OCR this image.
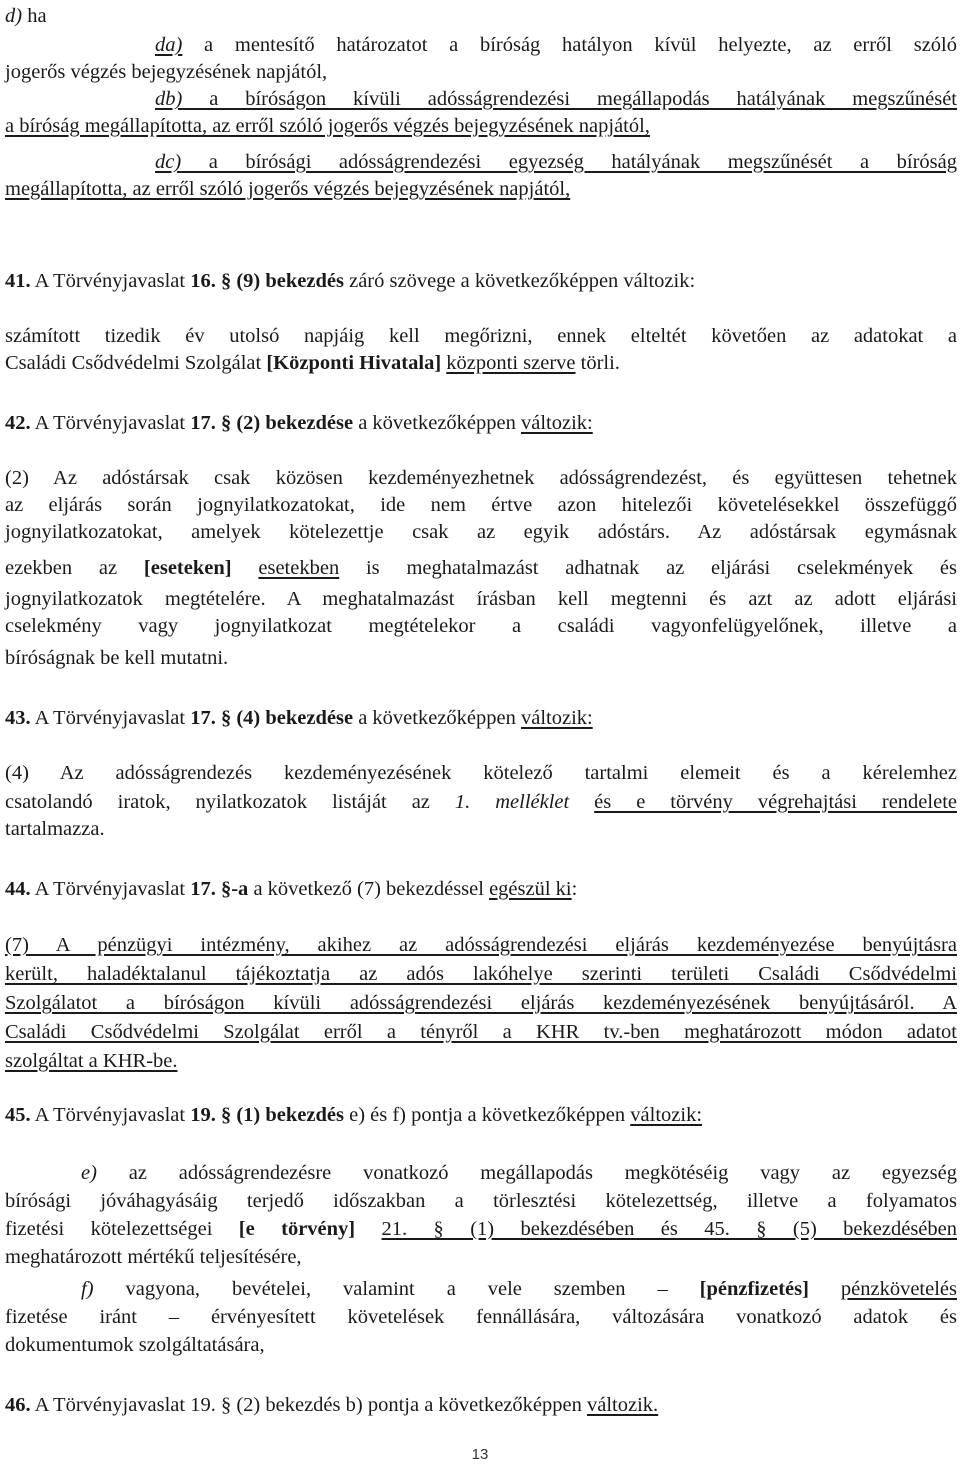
d) ha
da) a mentesítő határozatot a bíróság hatályon kívül helyezte, az erről szóló
jogerős végzés bejegyzésének napjától,
db) a bíróságon kívüli adósságrendezési megállapodás hatályának megszűnését
a bíróság megállapította, az erről szóló jogerős végzés bejegyzésének napjától,
dc) a bírósági adósságrendezési egyezség hatályának megszűnését a bíróság
megállapította, az erről szóló jogerős végzés bejegyzésének napjától,
41. A Törvényjavaslat 16. § (9) bekezdés záró szövege a következőképpen változik:
számított tizedik év utolsó napjáig kell megőrizni, ennek elteltét követően az adatokat a
Családi Csődvédelmi Szolgálat [Központi Hivatala] központi szerve törli.
42. A Törvényjavaslat 17. § (2) bekezdése a következőképpen változik:
(2) Az adóstársak csak közösen kezdeményezhetnek adósságrendezést, és együttesen tehetnek
az eljárás során jognyilatkozatokat, ide nem értve azon hitelezői követelésekkel összefüggő
jognyilatkozatokat, amelyek kötelezettje csak az egyik adóstárs. Az adóstársak egymásnak
ezekben az [eseteken] esetekben is meghatalmazást adhatnak az eljárási cselekmények és
jognyilatkozatok megtételére. A meghatalmazást írásban kell megtenni és azt az adott eljárási
cselekmény vagy jognyilatkozat megtételekor a családi vagyonfelügyelőnek, illetve a
bíróságnak be kell mutatni.
43. A Törvényjavaslat 17. § (4) bekezdése a következőképpen változik:
(4) Az adósságrendezés kezdeményezésének kötelező tartalmi elemeit és a kérelemhez
csatolandó iratok, nyilatkozatok listáját az 1. melléklet és e törvény végrehajtási rendelete
tartalmazza.
44. A Törvényjavaslat 17. §-a a következő (7) bekezdéssel egészül ki:
(7) A pénzügyi intézmény, akihez az adósságrendezési eljárás kezdeményezése benyújtásra
került, haladéktalanul tájékoztatja az adós lakóhelye szerinti területi Családi Csődvédelmi
Szolgálatot a bíróságon kívüli adósságrendezési eljárás kezdeményezésének benyújtásáról. A
Családi Csődvédelmi Szolgálat erről a tényről a KHR tv.-ben meghatározott módon adatot
szolgáltat a KHR-be.
45. A Törvényjavaslat 19. § (1) bekezdés e) és f) pontja a következőképpen változik:
e) az adósságrendezésre vonatkozó megállapodás megkötéséig vagy az egyezség
bírósági jóváhagyásáig terjedő időszakban a törlesztési kötelezettség, illetve a folyamatos
fizetési kötelezettségei [e törvény] 21. § (1) bekezdésében és 45. § (5) bekezdésében
meghatározott mértékű teljesítésére,
f) vagyona, bevételei, valamint a vele szemben – [pénzfizetés] pénzkövetelés
fizetése iránt – érvényesített követelések fennállására, változására vonatkozó adatok és
dokumentumok szolgáltatására,
46. A Törvényjavaslat 19. § (2) bekezdés b) pontja a következőképpen változik.
13
